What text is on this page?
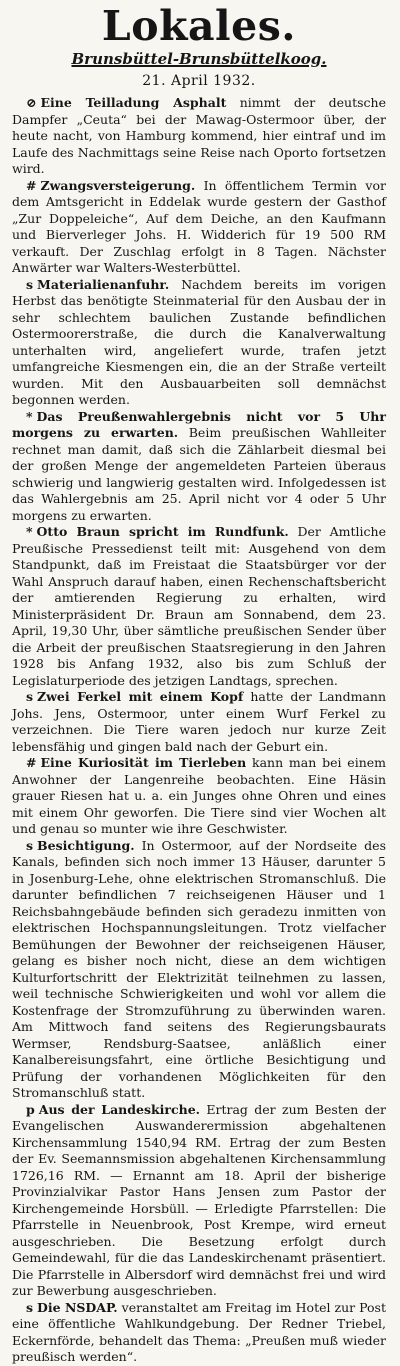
Lokales.
Brunsbüttel-Brunsbüttelkoog.
21. April 1932.

⊘ Eine Teilladung Asphalt nimmt der deutsche Dampfer „Ceuta“ bei der Mawag-Ostermoor über, der heute nacht, von Hamburg kommend, hier eintraf und im Laufe des Nachmittags seine Reise nach Oporto fortsetzen wird.

# Zwangsversteigerung. In öffentlichem Termin vor dem Amtsgericht in Eddelak wurde gestern der Gasthof „Zur Doppeleiche“, Auf dem Deiche, an den Kaufmann und Bierverleger Johs. H. Widderich für 19 500 RM verkauft. Der Zuschlag erfolgt in 8 Tagen. Nächster Anwärter war Walters-Westerbüttel.

s Materialienanfuhr. Nachdem bereits im vorigen Herbst das benötigte Steinmaterial für den Ausbau der in sehr schlechtem baulichen Zustande befindlichen Ostermoorerstraße, die durch die Kanalverwaltung unterhalten wird, angeliefert wurde, trafen jetzt umfangreiche Kiesmengen ein, die an der Straße verteilt wurden. Mit den Ausbauarbeiten soll demnächst begonnen werden.

* Das Preußenwahlergebnis nicht vor 5 Uhr morgens zu erwarten. Beim preußischen Wahlleiter rechnet man damit, daß sich die Zählarbeit diesmal bei der großen Menge der angemeldeten Parteien überaus schwierig und langwierig gestalten wird. Infolgedessen ist das Wahlergebnis am 25. April nicht vor 4 oder 5 Uhr morgens zu erwarten.

* Otto Braun spricht im Rundfunk. Der Amtliche Preußische Pressedienst teilt mit: Ausgehend von dem Standpunkt, daß im Freistaat die Staatsbürger vor der Wahl Anspruch darauf haben, einen Rechenschaftsbericht der amtierenden Regierung zu erhalten, wird Ministerpräsident Dr. Braun am Sonnabend, dem 23. April, 19,30 Uhr, über sämtliche preußischen Sender über die Arbeit der preußischen Staatsregierung in den Jahren 1928 bis Anfang 1932, also bis zum Schluß der Legislaturperiode des jetzigen Landtags, sprechen.

s Zwei Ferkel mit einem Kopf hatte der Landmann Johs. Jens, Ostermoor, unter einem Wurf Ferkel zu verzeichnen. Die Tiere waren jedoch nur kurze Zeit lebensfähig und gingen bald nach der Geburt ein.

# Eine Kuriosität im Tierleben kann man bei einem Anwohner der Langenreihe beobachten. Eine Häsin grauer Riesen hat u. a. ein Junges ohne Ohren und eines mit einem Ohr geworfen. Die Tiere sind vier Wochen alt und genau so munter wie ihre Geschwister.

s Besichtigung. In Ostermoor, auf der Nordseite des Kanals, befinden sich noch immer 13 Häuser, darunter 5 in Josenburg-Lehe, ohne elektrischen Stromanschluß. Die darunter befindlichen 7 reichseigenen Häuser und 1 Reichsbahngebäude befinden sich geradezu inmitten von elektrischen Hochspannungsleitungen. Trotz vielfacher Bemühungen der Bewohner der reichseigenen Häuser, gelang es bisher noch nicht, diese an dem wichtigen Kulturfortschritt der Elektrizität teilnehmen zu lassen, weil technische Schwierigkeiten und wohl vor allem die Kostenfrage der Stromzuführung zu überwinden waren. Am Mittwoch fand seitens des Regierungsbaurats Wermser, Rendsburg-Saatsee, anläßlich einer Kanalbereisungsfahrt, eine örtliche Besichtigung und Prüfung der vorhandenen Möglichkeiten für den Stromanschluß statt.

p Aus der Landeskirche. Ertrag der zum Besten der Evangelischen Auswanderermission abgehaltenen Kirchensammlung 1540,94 RM. Ertrag der zum Besten der Ev. Seemannsmission abgehaltenen Kirchensammlung 1726,16 RM. — Ernannt am 18. April der bisherige Provinzialvikar Pastor Hans Jensen zum Pastor der Kirchengemeinde Horsbüll. — Erledigte Pfarrstellen: Die Pfarrstelle in Neuenbrook, Post Krempe, wird erneut ausgeschrieben. Die Besetzung erfolgt durch Gemeindewahl, für die das Landeskirchenamt präsentiert. Die Pfarrstelle in Albersdorf wird demnächst frei und wird zur Bewerbung ausgeschrieben.

s Die NSDAP. veranstaltet am Freitag im Hotel zur Post eine öffentliche Wahlkundgebung. Der Redner Triebel, Eckernförde, behandelt das Thema: „Preußen muß wieder preußisch werden“.
